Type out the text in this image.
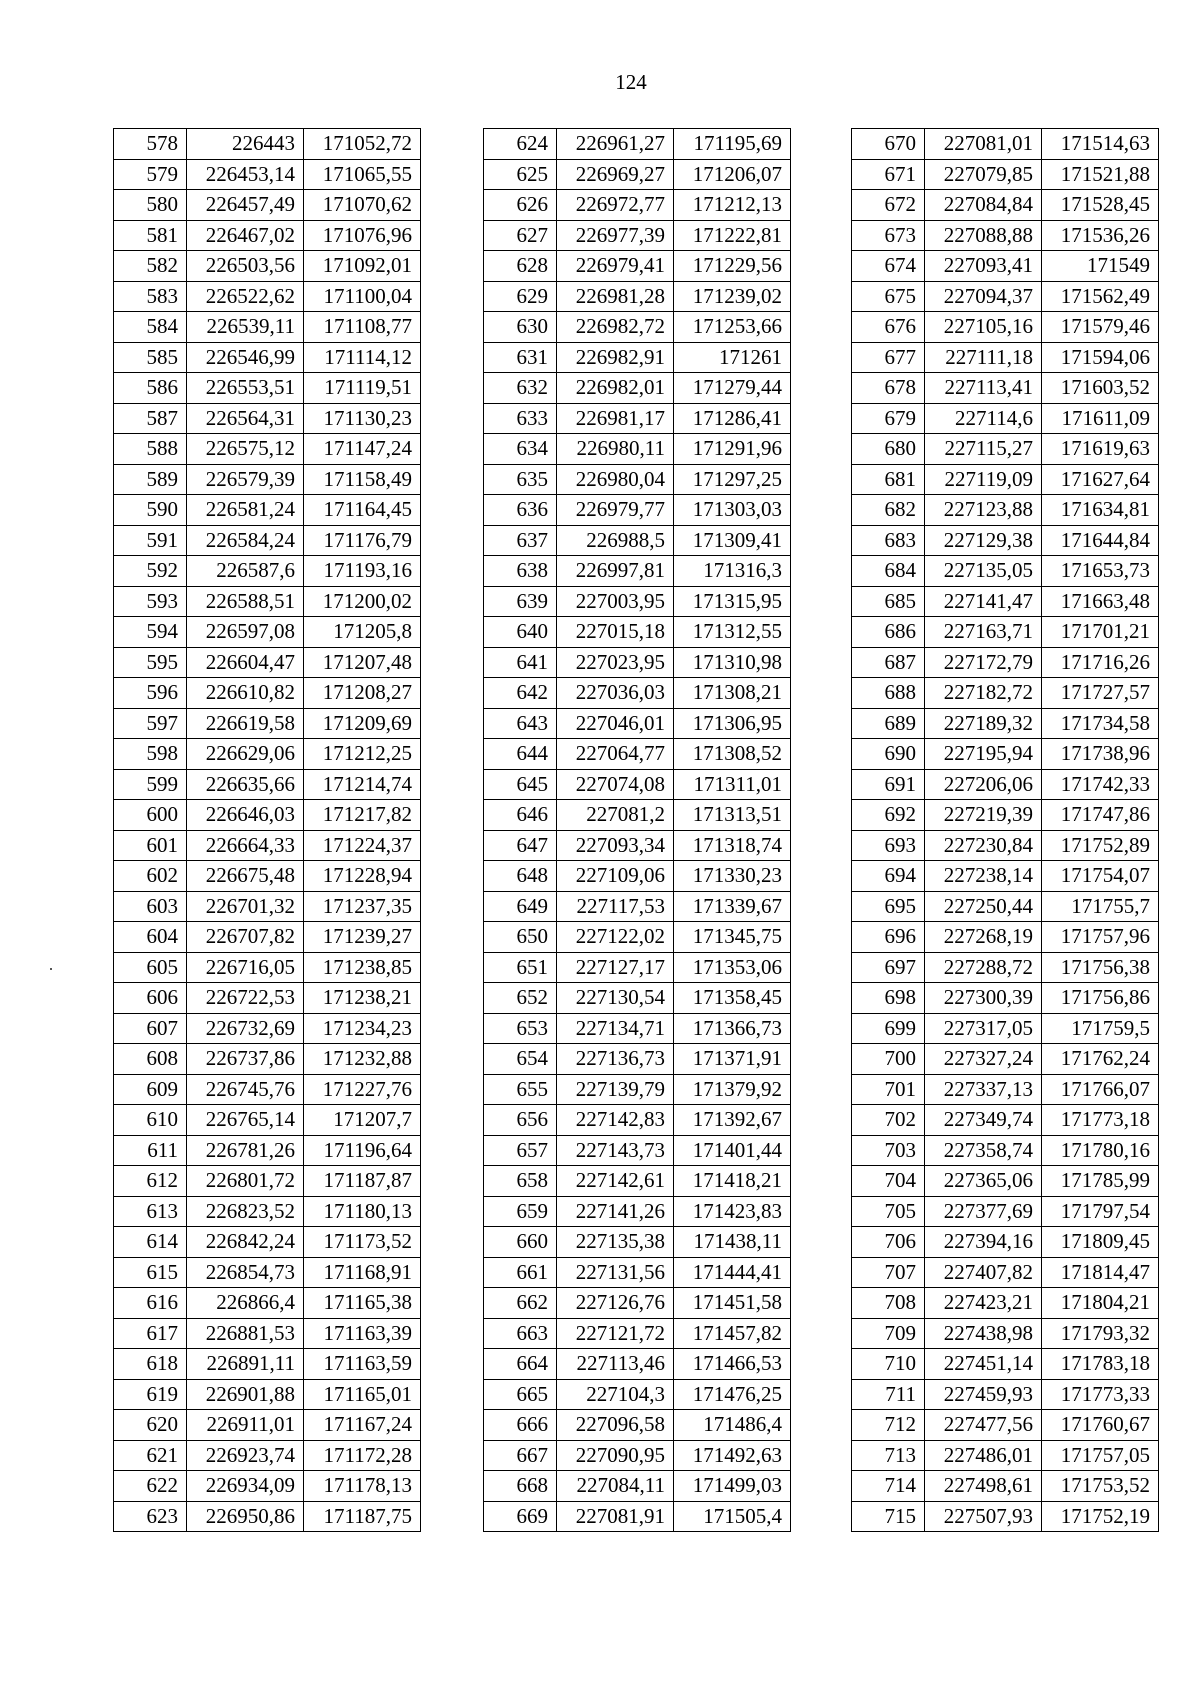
124
578	226443	171052,72
579	226453,14	171065,55
580	226457,49	171070,62
581	226467,02	171076,96
582	226503,56	171092,01
583	226522,62	171100,04
584	226539,11	171108,77
585	226546,99	171114,12
586	226553,51	171119,51
587	226564,31	171130,23
588	226575,12	171147,24
589	226579,39	171158,49
590	226581,24	171164,45
591	226584,24	171176,79
592	226587,6	171193,16
593	226588,51	171200,02
594	226597,08	171205,8
595	226604,47	171207,48
596	226610,82	171208,27
597	226619,58	171209,69
598	226629,06	171212,25
599	226635,66	171214,74
600	226646,03	171217,82
601	226664,33	171224,37
602	226675,48	171228,94
603	226701,32	171237,35
604	226707,82	171239,27
605	226716,05	171238,85
606	226722,53	171238,21
607	226732,69	171234,23
608	226737,86	171232,88
609	226745,76	171227,76
610	226765,14	171207,7
611	226781,26	171196,64
612	226801,72	171187,87
613	226823,52	171180,13
614	226842,24	171173,52
615	226854,73	171168,91
616	226866,4	171165,38
617	226881,53	171163,39
618	226891,11	171163,59
619	226901,88	171165,01
620	226911,01	171167,24
621	226923,74	171172,28
622	226934,09	171178,13
623	226950,86	171187,75
624	226961,27	171195,69
625	226969,27	171206,07
626	226972,77	171212,13
627	226977,39	171222,81
628	226979,41	171229,56
629	226981,28	171239,02
630	226982,72	171253,66
631	226982,91	171261
632	226982,01	171279,44
633	226981,17	171286,41
634	226980,11	171291,96
635	226980,04	171297,25
636	226979,77	171303,03
637	226988,5	171309,41
638	226997,81	171316,3
639	227003,95	171315,95
640	227015,18	171312,55
641	227023,95	171310,98
642	227036,03	171308,21
643	227046,01	171306,95
644	227064,77	171308,52
645	227074,08	171311,01
646	227081,2	171313,51
647	227093,34	171318,74
648	227109,06	171330,23
649	227117,53	171339,67
650	227122,02	171345,75
651	227127,17	171353,06
652	227130,54	171358,45
653	227134,71	171366,73
654	227136,73	171371,91
655	227139,79	171379,92
656	227142,83	171392,67
657	227143,73	171401,44
658	227142,61	171418,21
659	227141,26	171423,83
660	227135,38	171438,11
661	227131,56	171444,41
662	227126,76	171451,58
663	227121,72	171457,82
664	227113,46	171466,53
665	227104,3	171476,25
666	227096,58	171486,4
667	227090,95	171492,63
668	227084,11	171499,03
669	227081,91	171505,4
670	227081,01	171514,63
671	227079,85	171521,88
672	227084,84	171528,45
673	227088,88	171536,26
674	227093,41	171549
675	227094,37	171562,49
676	227105,16	171579,46
677	227111,18	171594,06
678	227113,41	171603,52
679	227114,6	171611,09
680	227115,27	171619,63
681	227119,09	171627,64
682	227123,88	171634,81
683	227129,38	171644,84
684	227135,05	171653,73
685	227141,47	171663,48
686	227163,71	171701,21
687	227172,79	171716,26
688	227182,72	171727,57
689	227189,32	171734,58
690	227195,94	171738,96
691	227206,06	171742,33
692	227219,39	171747,86
693	227230,84	171752,89
694	227238,14	171754,07
695	227250,44	171755,7
696	227268,19	171757,96
697	227288,72	171756,38
698	227300,39	171756,86
699	227317,05	171759,5
700	227327,24	171762,24
701	227337,13	171766,07
702	227349,74	171773,18
703	227358,74	171780,16
704	227365,06	171785,99
705	227377,69	171797,54
706	227394,16	171809,45
707	227407,82	171814,47
708	227423,21	171804,21
709	227438,98	171793,32
710	227451,14	171783,18
711	227459,93	171773,33
712	227477,56	171760,67
713	227486,01	171757,05
714	227498,61	171753,52
715	227507,93	171752,19
